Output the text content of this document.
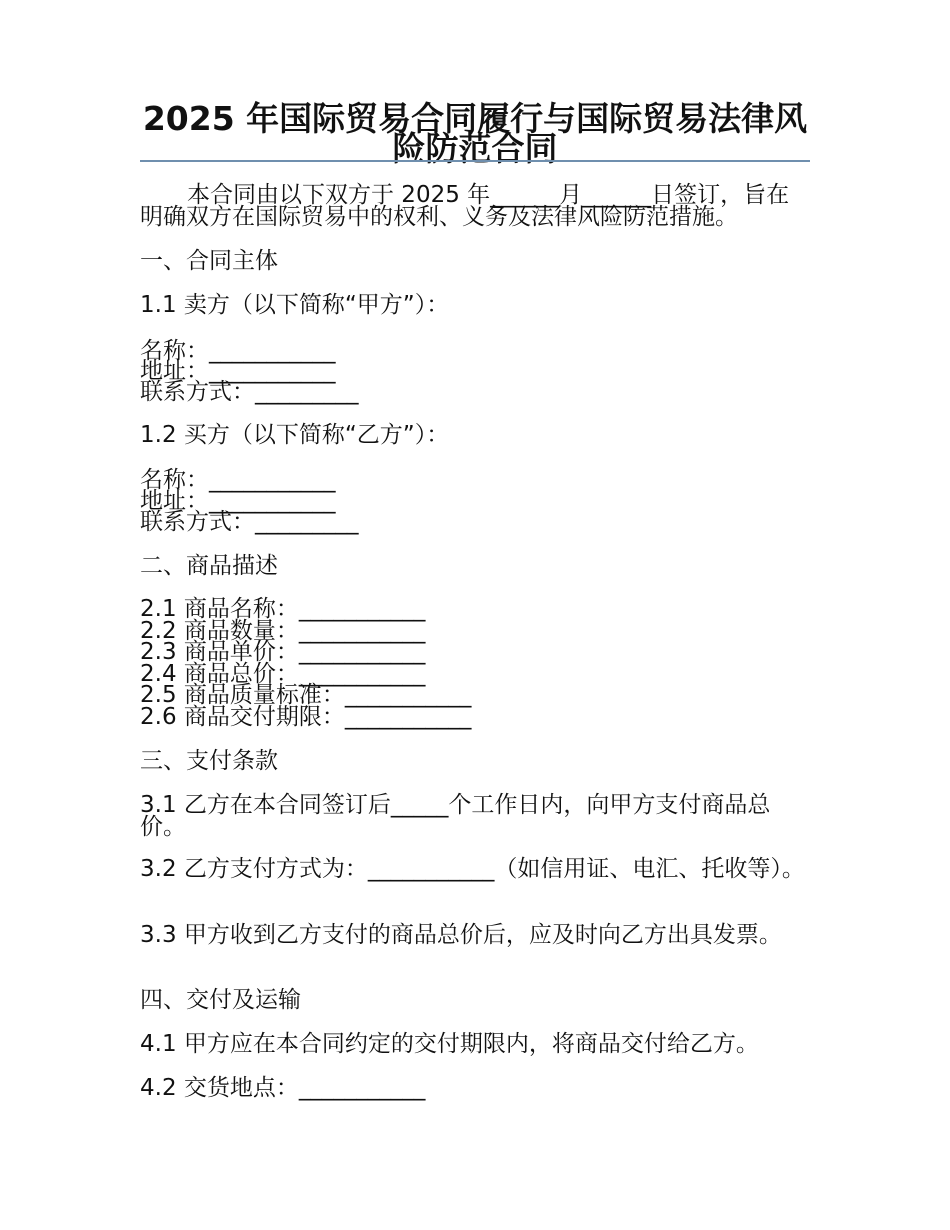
2025 年国际贸易合同履行与国际贸易法律风险防范合同

本合同由以下双方于 2025 年______月______日签订，旨在明确双方在国际贸易中的权利、义务及法律风险防范措施。

一、合同主体

1.1 卖方（以下简称“甲方”）：

名称：___________

地址：___________

联系方式：_________

1.2 买方（以下简称“乙方”）：

名称：___________

地址：___________

联系方式：_________

二、商品描述

2.1 商品名称：___________

2.2 商品数量：___________

2.3 商品单价：___________

2.4 商品总价：___________

2.5 商品质量标准：___________

2.6 商品交付期限：___________

三、支付条款

3.1 乙方在本合同签订后_____个工作日内，向甲方支付商品总价。

3.2 乙方支付方式为：___________（如信用证、电汇、托收等）。

3.3 甲方收到乙方支付的商品总价后，应及时向乙方出具发票。

四、交付及运输

4.1 甲方应在本合同约定的交付期限内，将商品交付给乙方。

4.2 交货地点：___________
